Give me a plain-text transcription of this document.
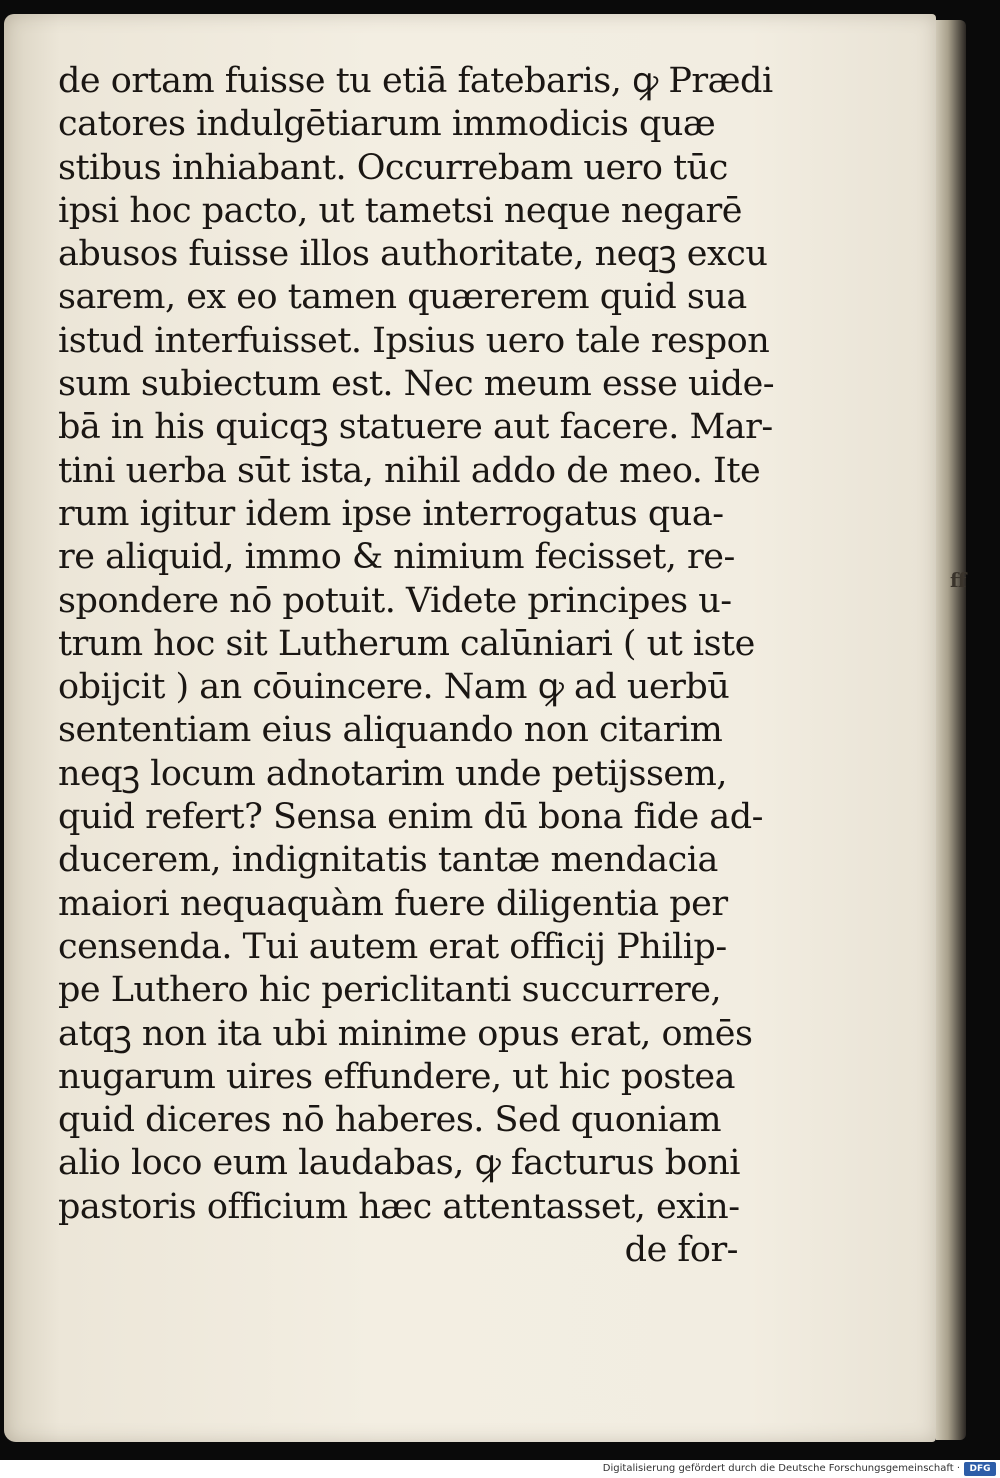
de ortam fuisse tu etiā fatebaris, ꝙ Prædi
catores indulgētiarum immodicis quæ
stibus inhiabant. Occurrebam uero tūc
ipsi hoc pacto, ut tametsi neque negarē
abusos fuisse illos authoritate, neqꝫ excu
sarem, ex eo tamen quærerem quid sua
istud interfuisset. Ipsius uero tale respon
sum subiectum est. Nec meum esse uide-
bā in his quicqꝫ statuere aut facere. Mar-
tini uerba sūt ista, nihil addo de meo. Ite
rum igitur idem ipse interrogatus qua-
re aliquid, immo & nimium fecisset, re-
spondere nō potuit. Videte principes u-
trum hoc sit Lutherum calūniari ( ut iste
obijcit ) an cōuincere. Nam ꝙ ad uerbū
sententiam eius aliquando non citarim
neqꝫ locum adnotarim unde petijssem,
quid refert? Sensa enim dū bona fide ad-
ducerem, indignitatis tantæ mendacia
maiori nequaquàm fuere diligentia per
censenda. Tui autem erat officij Philip-
pe Luthero hic periclitanti succurrere,
atqꝫ non ita ubi minime opus erat, omēs
nugarum uires effundere, ut hic postea
quid diceres nō haberes. Sed quoniam
alio loco eum laudabas, ꝙ facturus boni
pastoris officium hæc attentasset, exin-
de for-
ff
Digitalisierung gefördert durch die Deutsche Forschungsgemeinschaft ·	DFG
